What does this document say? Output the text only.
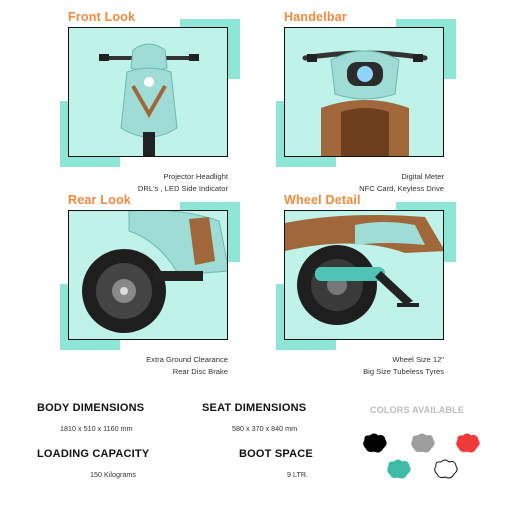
Front Look
Projector Headlight
DRL's , LED Side Indicator
Handelbar
Digital Meter
NFC Card, Keyless Drive
Rear Look
Extra Ground Clearance
Rear Disc Brake
Wheel Detail
Wheel Size 12"
Big Size Tubeless Tyres
BODY DIMENSIONS
1810 x 510 x 1160 mm
SEAT DIMENSIONS
580 x 370 x 840 mm
LOADING CAPACITY
150 Kilograms
BOOT SPACE
9 LTR.
COLORS AVAILABLE
